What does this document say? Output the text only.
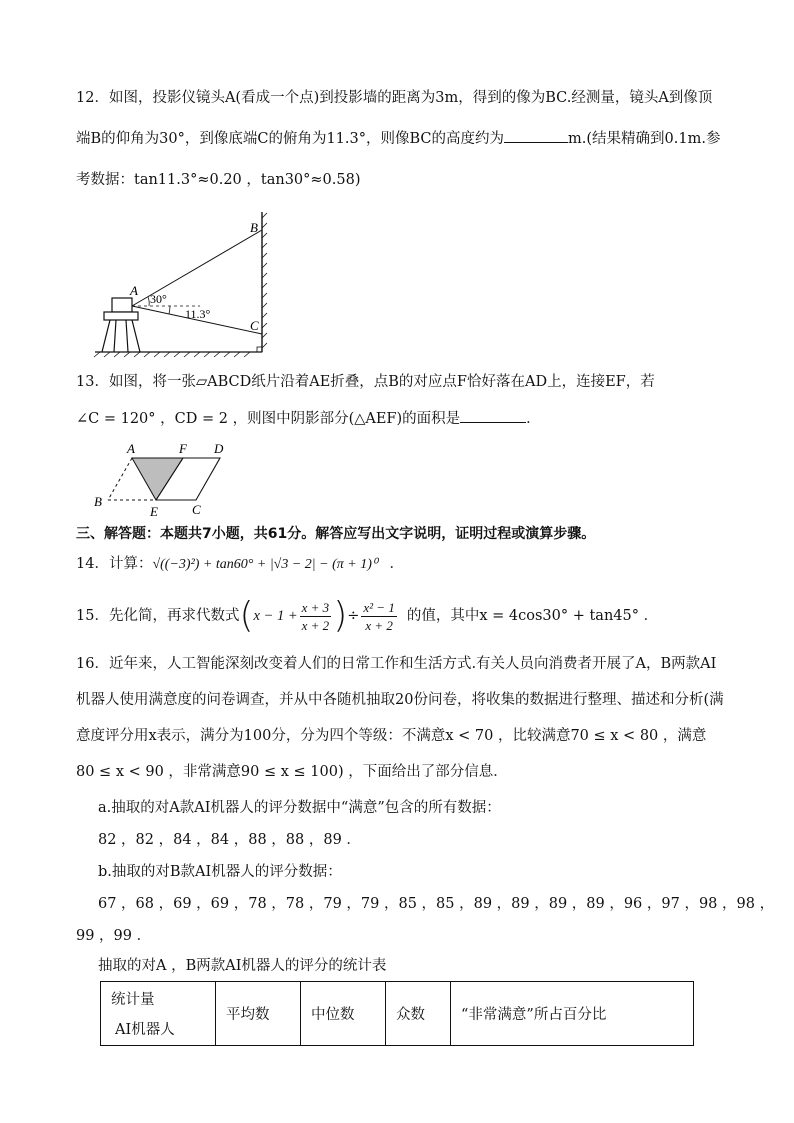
12．如图，投影仪镜头A(看成一个点)到投影墙的距离为3m，得到的像为BC.经测量，镜头A到像顶
端B的仰角为30°，到像底端C的俯角为11.3°，则像BC的高度约为	m.(结果精确到0.1m.参
考数据：tan11.3°≈0.20 ，tan30°≈0.58)
A
B
C
30°
11.3°
13．如图，将一张▱ABCD纸片沿着AE折叠，点B的对应点F恰好落在AD上，连接EF，若
∠C = 120° ，CD = 2 ，则图中阴影部分(△AEF)的面积是	．
A	F D
B
E	C
三、解答题：本题共7小题，共61分。解答应写出文字说明，证明过程或演算步骤。
14．计算：√((−3)²) + tan60° + |√3 − 2| − (π + 1)⁰ ．
15．先化简，再求代数式($x - 1 + \frac{x + 3}{x + 2}$ )÷ $\frac{\text{x² − 1}}{x + 2}$ 的值，其中x = 4cos30° + tan45° ．
16．近年来，人工智能深刻改变着人们的日常工作和生活方式.有关人员向消费者开展了A，B两款AI
机器人使用满意度的问卷调查，并从中各随机抽取20份问卷，将收集的数据进行整理、描述和分析(满
意度评分用x表示，满分为100分，分为四个等级：不满意x < 70 ，比较满意70 ≤ x < 80 ，满意
80 ≤ x < 90 ，非常满意90 ≤ x ≤ 100) ，下面给出了部分信息．
a.抽取的对A款AI机器人的评分数据中“满意”包含的所有数据：
82 ，82 ，84 ，84 ，88 ，88 ，89 ．
b.抽取的对B款AI机器人的评分数据：
67 ，68 ，69 ，69 ，78 ，78 ，79 ，79 ，85 ，85 ，89 ，89 ，89 ，89 ，96 ，97 ，98 ，98 ，
99 ，99 ．
抽取的对A ，B两款AI机器人的评分的统计表
统计量
AI机器人
	平均数	中位数	众数	“非常满意”所占百分比
